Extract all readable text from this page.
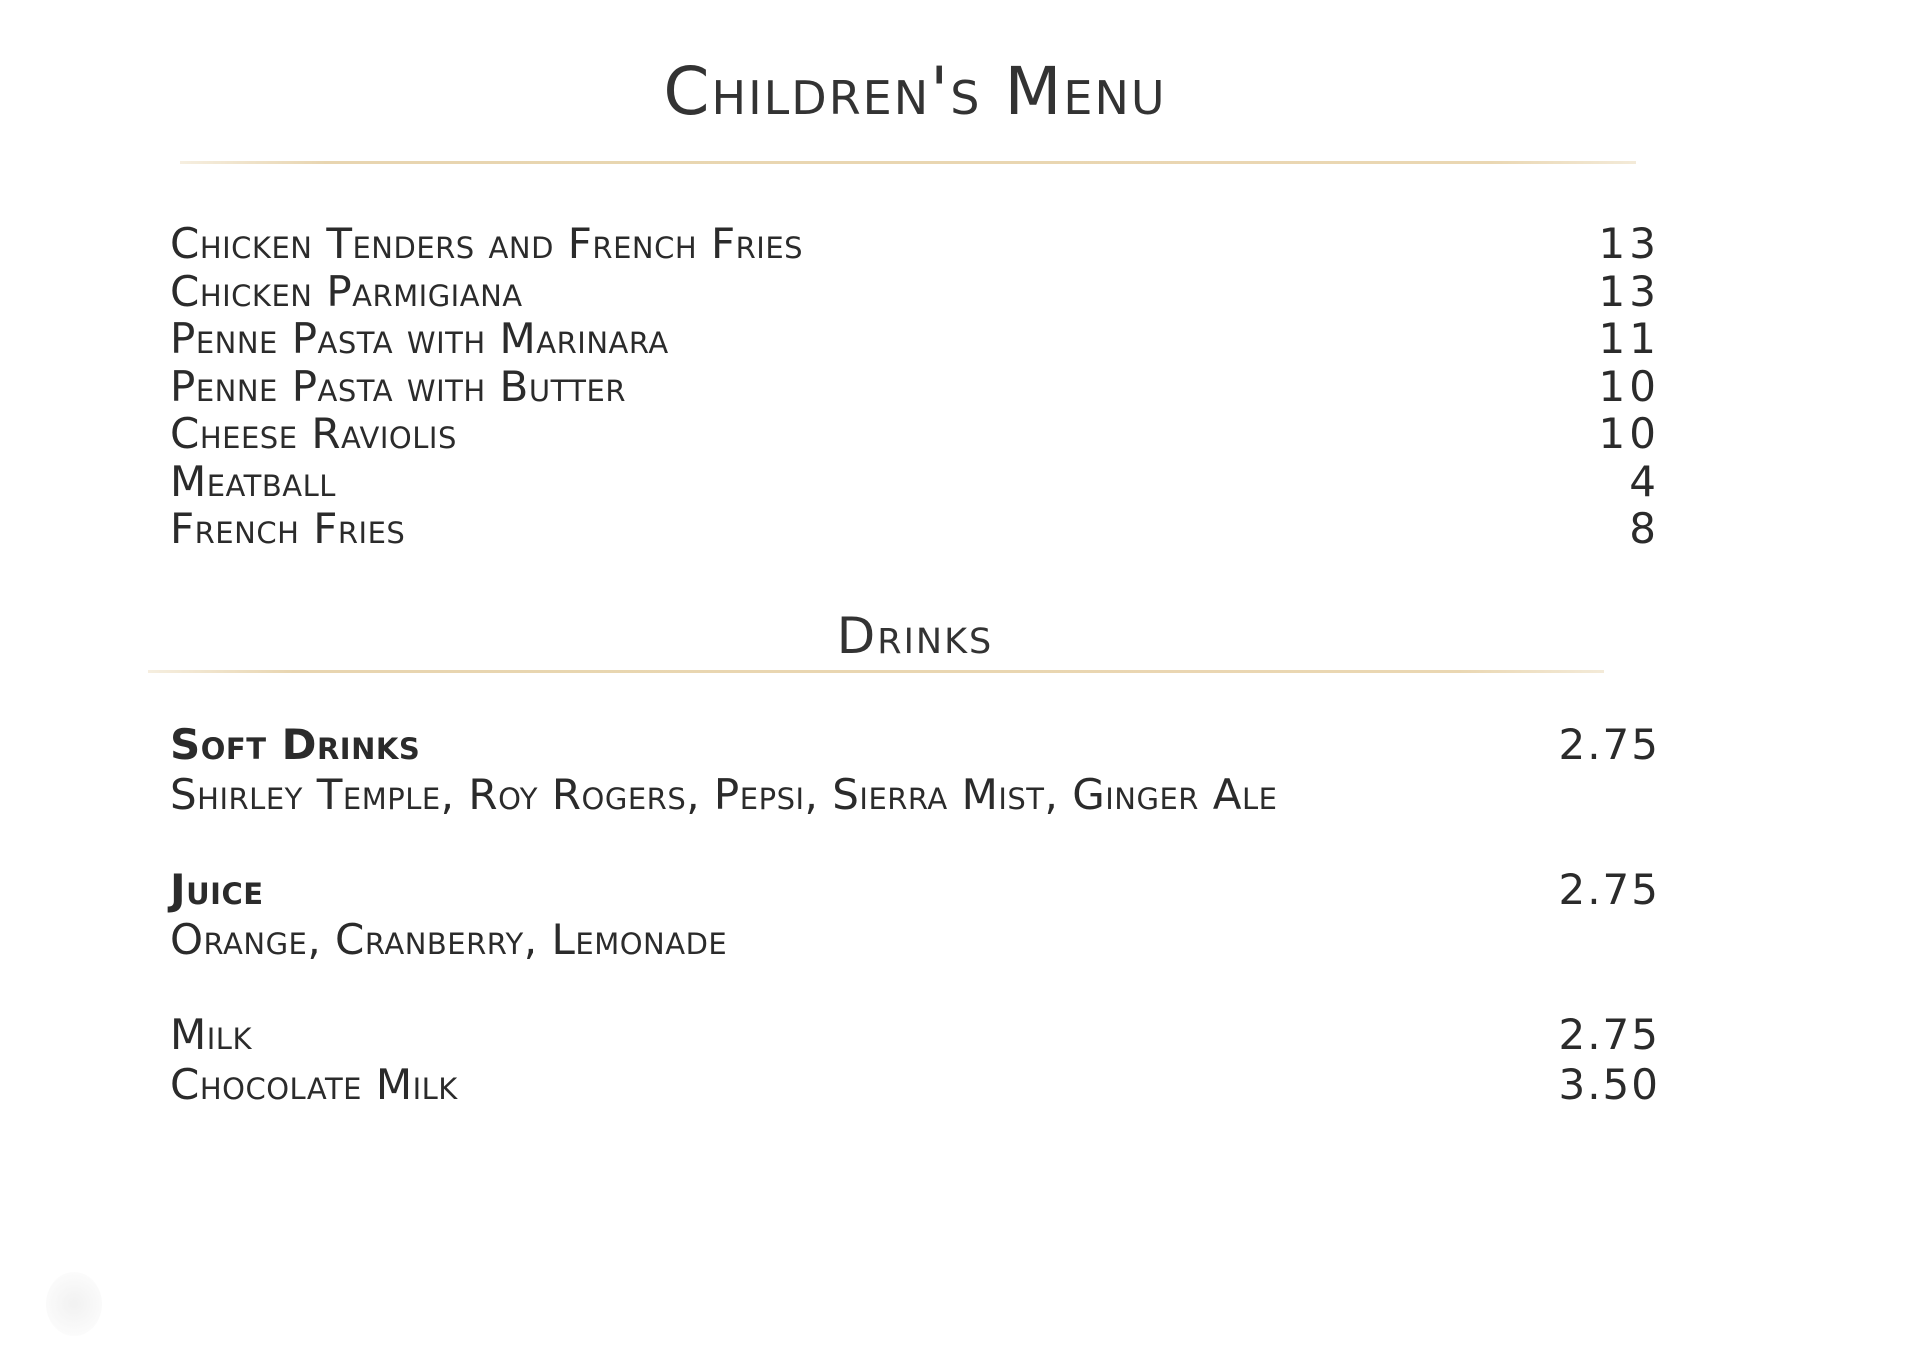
Children's Menu
Chicken Tenders and French Fries	13
Chicken Parmigiana	13
Penne Pasta with Marinara	11
Penne Pasta with Butter	10
Cheese Raviolis	10
Meatball	4
French Fries	8
Drinks
Soft Drinks	2.75
Shirley Temple, Roy Rogers, Pepsi, Sierra Mist, Ginger Ale
Juice	2.75
Orange, Cranberry, Lemonade
Milk	2.75
Chocolate Milk	3.50
